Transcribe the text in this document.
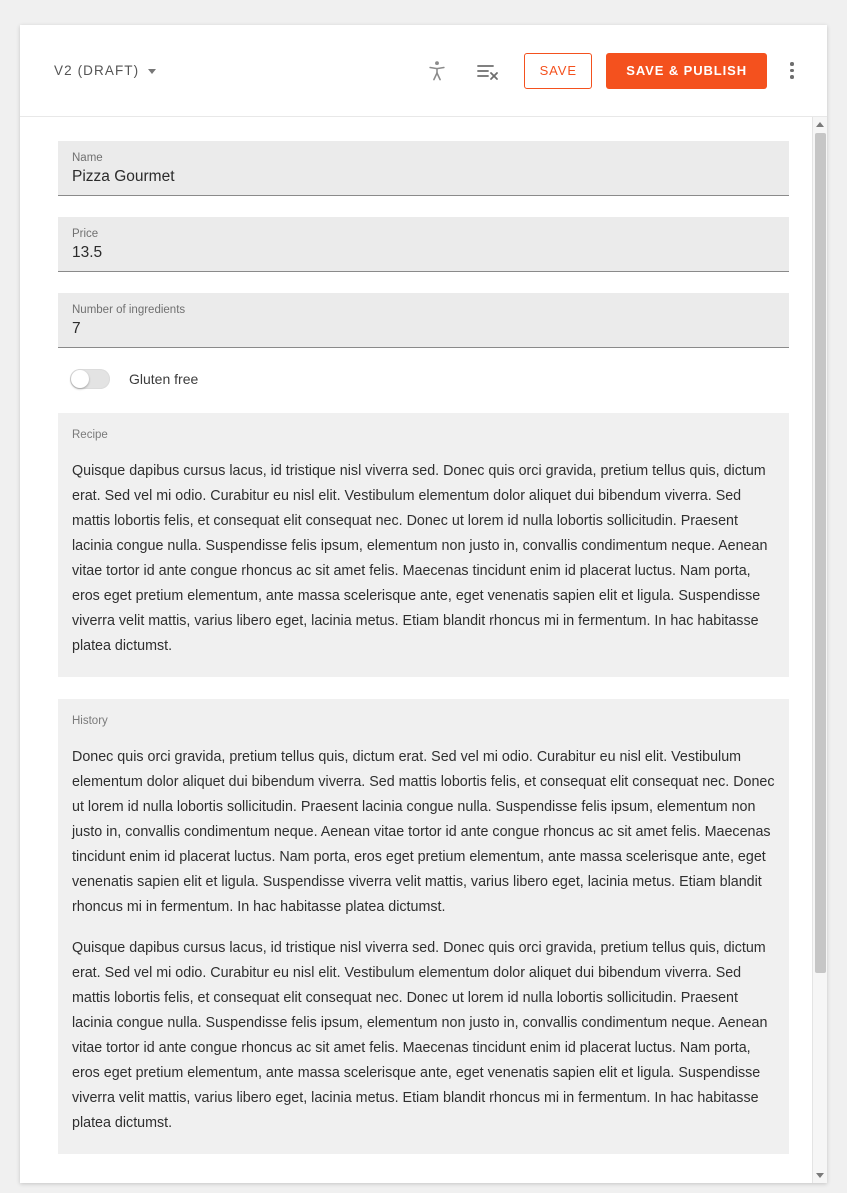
V2 (DRAFT)	SAVE	SAVE & PUBLISH
Name
Pizza Gourmet
Price
13.5
Number of ingredients
7
Gluten free
Recipe

Quisque dapibus cursus lacus, id tristique nisl viverra sed. Donec quis orci gravida, pretium tellus quis, dictum erat. Sed vel mi odio. Curabitur eu nisl elit. Vestibulum elementum dolor aliquet dui bibendum viverra. Sed mattis lobortis felis, et consequat elit consequat nec. Donec ut lorem id nulla lobortis sollicitudin. Praesent lacinia congue nulla. Suspendisse felis ipsum, elementum non justo in, convallis condimentum neque. Aenean vitae tortor id ante congue rhoncus ac sit amet felis. Maecenas tincidunt enim id placerat luctus. Nam porta, eros eget pretium elementum, ante massa scelerisque ante, eget venenatis sapien elit et ligula. Suspendisse viverra velit mattis, varius libero eget, lacinia metus. Etiam blandit rhoncus mi in fermentum. In hac habitasse platea dictumst.

History

Donec quis orci gravida, pretium tellus quis, dictum erat. Sed vel mi odio. Curabitur eu nisl elit. Vestibulum elementum dolor aliquet dui bibendum viverra. Sed mattis lobortis felis, et consequat elit consequat nec. Donec ut lorem id nulla lobortis sollicitudin. Praesent lacinia congue nulla. Suspendisse felis ipsum, elementum non justo in, convallis condimentum neque. Aenean vitae tortor id ante congue rhoncus ac sit amet felis. Maecenas tincidunt enim id placerat luctus. Nam porta, eros eget pretium elementum, ante massa scelerisque ante, eget venenatis sapien elit et ligula. Suspendisse viverra velit mattis, varius libero eget, lacinia metus. Etiam blandit rhoncus mi in fermentum. In hac habitasse platea dictumst.

Quisque dapibus cursus lacus, id tristique nisl viverra sed. Donec quis orci gravida, pretium tellus quis, dictum erat. Sed vel mi odio. Curabitur eu nisl elit. Vestibulum elementum dolor aliquet dui bibendum viverra. Sed mattis lobortis felis, et consequat elit consequat nec. Donec ut lorem id nulla lobortis sollicitudin. Praesent lacinia congue nulla. Suspendisse felis ipsum, elementum non justo in, convallis condimentum neque. Aenean vitae tortor id ante congue rhoncus ac sit amet felis. Maecenas tincidunt enim id placerat luctus. Nam porta, eros eget pretium elementum, ante massa scelerisque ante, eget venenatis sapien elit et ligula. Suspendisse viverra velit mattis, varius libero eget, lacinia metus. Etiam blandit rhoncus mi in fermentum. In hac habitasse platea dictumst.
